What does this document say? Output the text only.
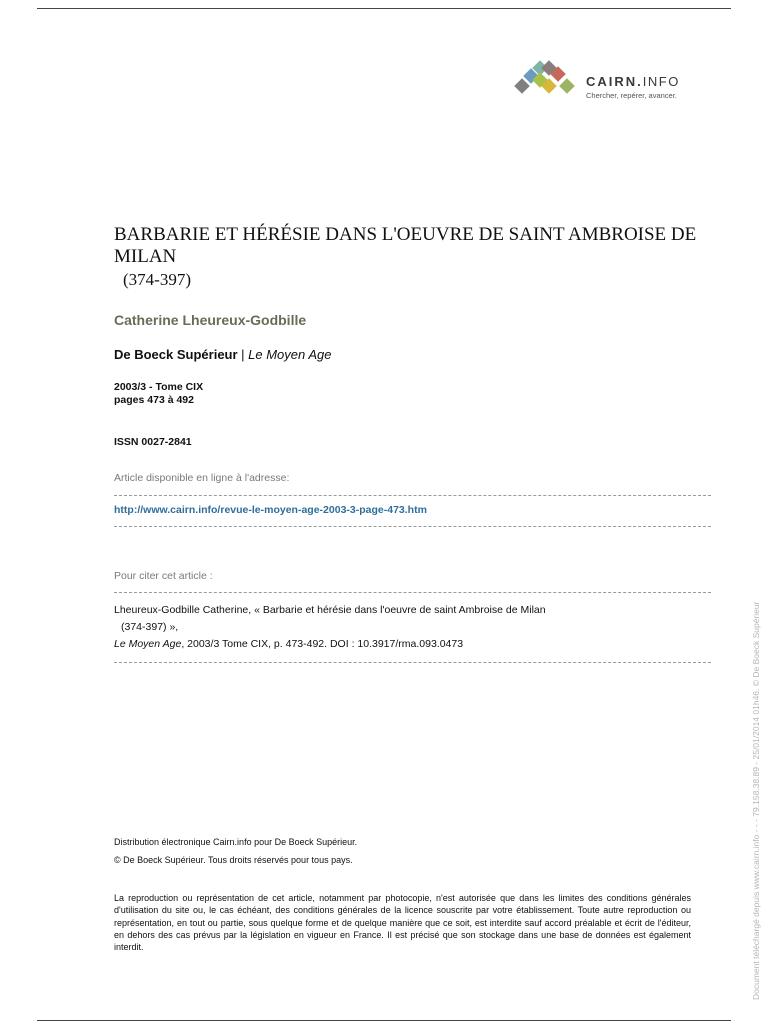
CAIRN.INFO
Chercher, repérer, avancer.
BARBARIE ET HÉRÉSIE DANS L'OEUVRE DE SAINT AMBROISE DE MILAN
(374-397)
Catherine Lheureux-Godbille
De Boeck Supérieur | Le Moyen Age
2003/3 - Tome CIX
pages 473 à 492
ISSN 0027-2841
Article disponible en ligne à l'adresse:
http://www.cairn.info/revue-le-moyen-age-2003-3-page-473.htm
Pour citer cet article :
Lheureux-Godbille Catherine, « Barbarie et hérésie dans l'oeuvre de saint Ambroise de Milan
(374-397) »,
Le Moyen Age, 2003/3 Tome CIX, p. 473-492. DOI : 10.3917/rma.093.0473
Distribution électronique Cairn.info pour De Boeck Supérieur.
© De Boeck Supérieur. Tous droits réservés pour tous pays.
La reproduction ou représentation de cet article, notamment par photocopie, n'est autorisée que dans les limites des conditions générales d'utilisation du site ou, le cas échéant, des conditions générales de la licence souscrite par votre établissement. Toute autre reproduction ou représentation, en tout ou partie, sous quelque forme et de quelque manière que ce soit, est interdite sauf accord préalable et écrit de l'éditeur, en dehors des cas prévus par la législation en vigueur en France. Il est précisé que son stockage dans une base de données est également interdit.	Document téléchargé depuis www.cairn.info - - - 79.158.38.89 - 25/01/2014 01h46. © De Boeck Supérieur
